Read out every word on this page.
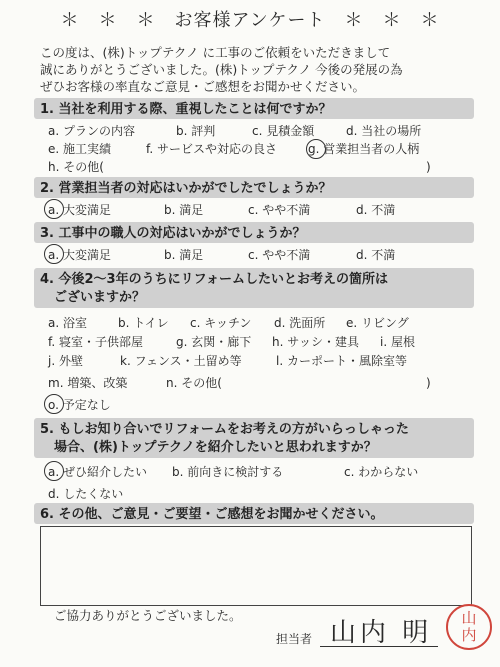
＊　＊　＊　お客様アンケート　＊　＊　＊
この度は、(株)トップテクノ に工事のご依頼をいただきまして
誠にありがとうございました。(株)トップテクノ 今後の発展の為
ぜひお客様の率直なご意見・ご感想をお聞かせください。
1. 当社を利用する際、重視したことは何ですか？
a. プランの内容	b. 評判	c. 見積金額	d. 当社の場所
e. 施工実績	f. サービスや対応の良さ	g. 営業担当者の人柄
h. その他(	)
2. 営業担当者の対応はいかがでしたでしょうか？
a. 大変満足	b. 満足	c. やや不満	d. 不満
3. 工事中の職人の対応はいかがでしょうか？
a. 大変満足	b. 満足	c. やや不満	d. 不満
4. 今後2～3年のうちにリフォームしたいとお考えの箇所は
ございますか？
a. 浴室	b. トイレ c. キッチン d. 洗面所 e. リビング
f. 寝室・子供部屋	g. 玄関・廊下 h. サッシ・建具 i. 屋根
j. 外壁	k. フェンス・土留め等	l. カーポート・風除室等
m. 増築、改築	n. その他(	)
o. 予定なし
5. もしお知り合いでリフォームをお考えの方がいらっしゃった
場合、(株)トップテクノを紹介したいと思われますか？
a. ぜひ紹介したい b. 前向きに検討する	c. わからない
d. したくない
6. その他、ご意見・ご要望・ご感想をお聞かせください。
ご協力ありがとうございました。
担当者 山内 明 山
内
